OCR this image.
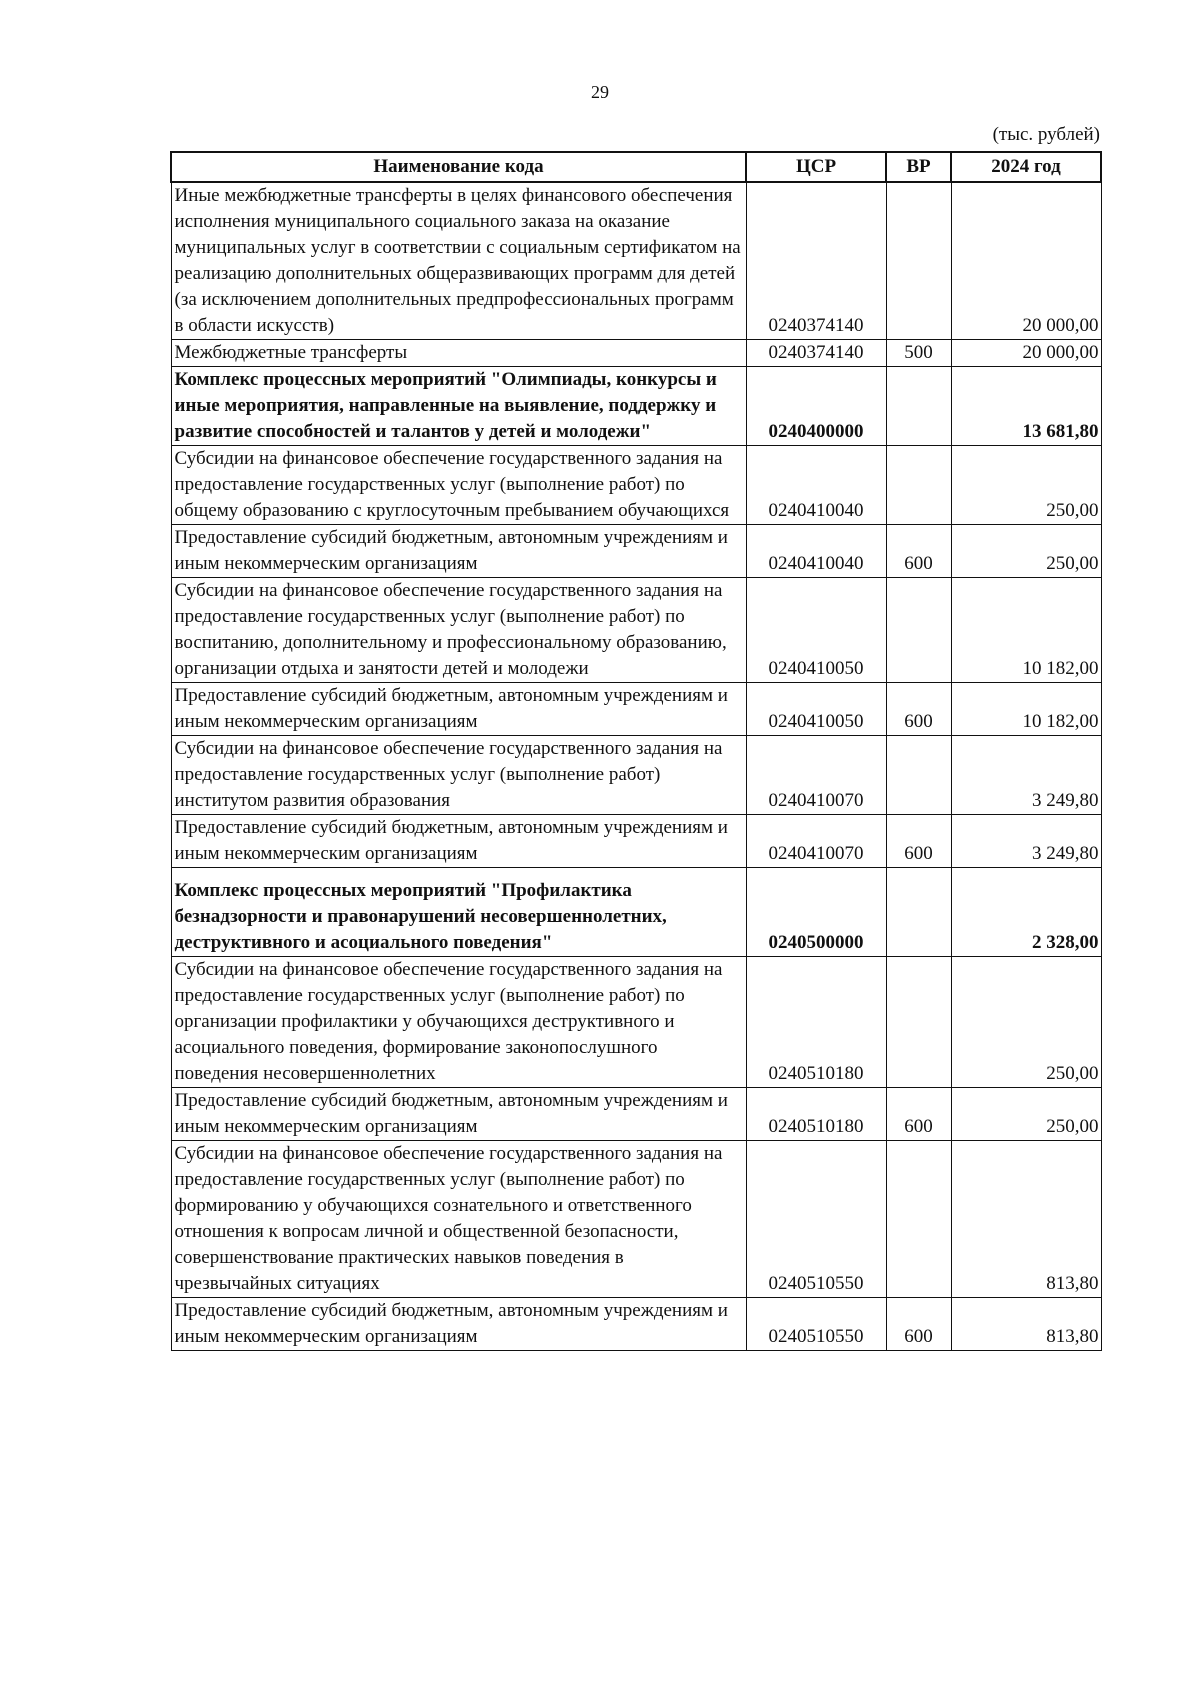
29
(тыс. рублей)
Наименование кода	ЦСР	ВР	2024 год
Иные межбюджетные трансферты в целях финансового обеспечения исполнения муниципального социального заказа на оказание муниципальных услуг в соответствии с социальным сертификатом на реализацию дополнительных общеразвивающих программ для детей (за исключением дополнительных предпрофессиональных программ в области искусств)	0240374140		20 000,00
Межбюджетные трансферты	0240374140	500	20 000,00
Комплекс процессных мероприятий "Олимпиады, конкурсы и иные мероприятия, направленные на выявление, поддержку и развитие способностей и талантов у детей и молодежи"	0240400000		13 681,80
Субсидии на финансовое обеспечение государственного задания на предоставление государственных услуг (выполнение работ) по общему образованию с круглосуточным пребыванием обучающихся	0240410040		250,00
Предоставление субсидий бюджетным, автономным учреждениям и иным некоммерческим организациям	0240410040	600	250,00
Субсидии на финансовое обеспечение государственного задания на предоставление государственных услуг (выполнение работ) по воспитанию, дополнительному и профессиональному образованию, организации отдыха и занятости детей и молодежи	0240410050		10 182,00
Предоставление субсидий бюджетным, автономным учреждениям и иным некоммерческим организациям	0240410050	600	10 182,00
Субсидии на финансовое обеспечение государственного задания на предоставление государственных услуг (выполнение работ) институтом развития образования	0240410070		3 249,80
Предоставление субсидий бюджетным, автономным учреждениям и иным некоммерческим организациям	0240410070	600	3 249,80
Комплекс процессных мероприятий "Профилактика безнадзорности и правонарушений несовершеннолетних, деструктивного и асоциального поведения"	0240500000		2 328,00
Субсидии на финансовое обеспечение государственного задания на предоставление государственных услуг (выполнение работ) по организации профилактики у обучающихся деструктивного и асоциального поведения, формирование законопослушного поведения несовершеннолетних	0240510180		250,00
Предоставление субсидий бюджетным, автономным учреждениям и иным некоммерческим организациям	0240510180	600	250,00
Субсидии на финансовое обеспечение государственного задания на предоставление государственных услуг (выполнение работ) по формированию у обучающихся сознательного и ответственного отношения к вопросам личной и общественной безопасности, совершенствование практических навыков поведения в чрезвычайных ситуациях	0240510550		813,80
Предоставление субсидий бюджетным, автономным учреждениям и иным некоммерческим организациям	0240510550	600	813,80
